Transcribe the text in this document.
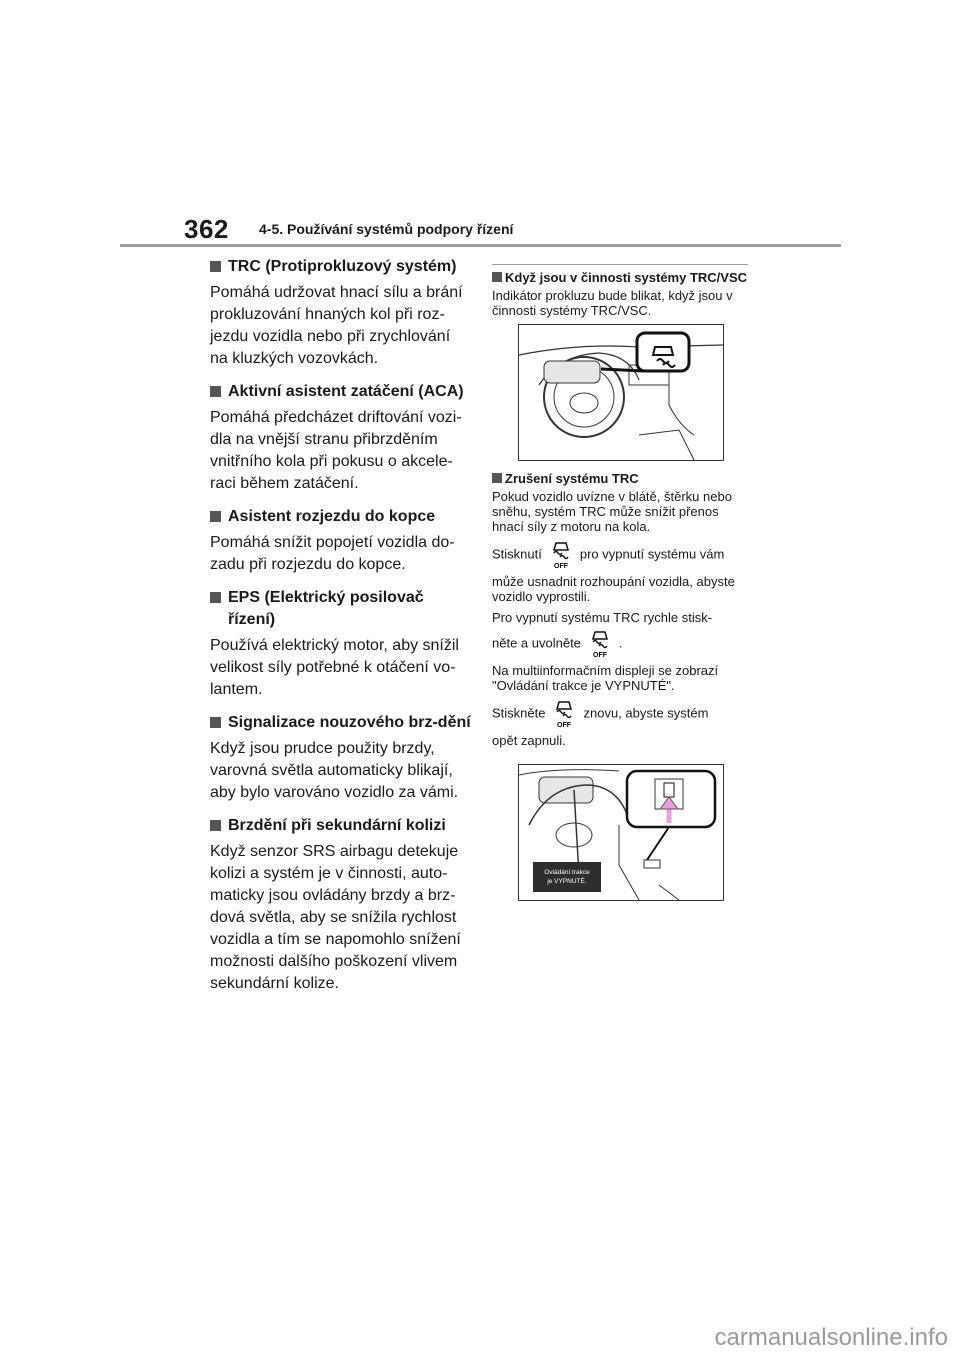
362 4-5. Používání systémů podpory řízení

TRC (Protiprokluzový systém)

Pomáhá udržovat hnací sílu a brání prokluzování hnaných kol při roz-jezdu vozidla nebo při zrychlování na kluzkých vozovkách.

Aktivní asistent zatáčení (ACA)

Pomáhá předcházet driftování vozi-dla na vnější stranu přibrzděním vnitřního kola při pokusu o akcele-raci během zatáčení.

Asistent rozjezdu do kopce

Pomáhá snížit popojetí vozidla do-zadu při rozjezdu do kopce.

EPS (Elektrický posilovač řízení)

Používá elektrický motor, aby snížil velikost síly potřebné k otáčení vo-lantem.

Signalizace nouzového brz-dění

Když jsou prudce použity brzdy, varovná světla automaticky blikají, aby bylo varováno vozidlo za vámi.

Brzdění při sekundární kolizi

Když senzor SRS airbagu detekuje kolizi a systém je v činnosti, auto-maticky jsou ovládány brzdy a brz-dová světla, aby se snížila rychlost vozidla a tím se napomohlo snížení možnosti dalšího poškození vlivem sekundární kolize.

Když jsou v činnosti systémy TRC/VSC

Indikátor prokluzu bude blikat, když jsou v činnosti systémy TRC/VSC.

Zrušení systému TRC

Pokud vozidlo uvízne v blátě, štěrku nebo sněhu, systém TRC může snížit přenos hnací síly z motoru na kola.

Stisknutí
OFF
pro vypnutí systému vám

může usnadnit rozhoupání vozidla, abyste vozidlo vyprostili.

Pro vypnutí systému TRC rychle stisk-

něte a uvolněte
OFF
.

Na multiinformačním displeji se zobrazí "Ovládání trakce je VYPNUTÉ".

Stiskněte
OFF
znovu, abyste systém

opět zapnuli.

Ovládání trakce
je VYPNUTÉ.
carmanualsonline.info
